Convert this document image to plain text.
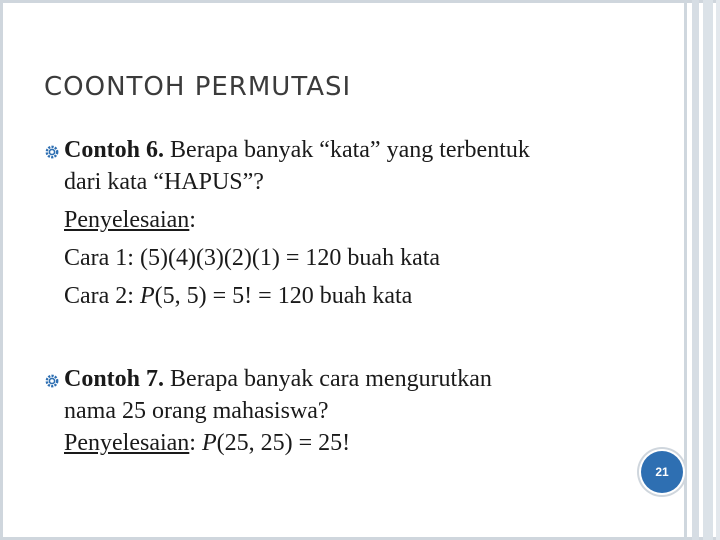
COONTOH PERMUTASI
Contoh 6. Berapa banyak “kata” yang terbentuk
dari kata “HAPUS”?
Penyelesaian:
Cara 1: (5)(4)(3)(2)(1) = 120 buah kata
Cara 2: P(5, 5) = 5! = 120 buah kata
Contoh 7. Berapa banyak cara mengurutkan
nama 25 orang mahasiswa?
Penyelesaian: P(25, 25) = 25!
21
